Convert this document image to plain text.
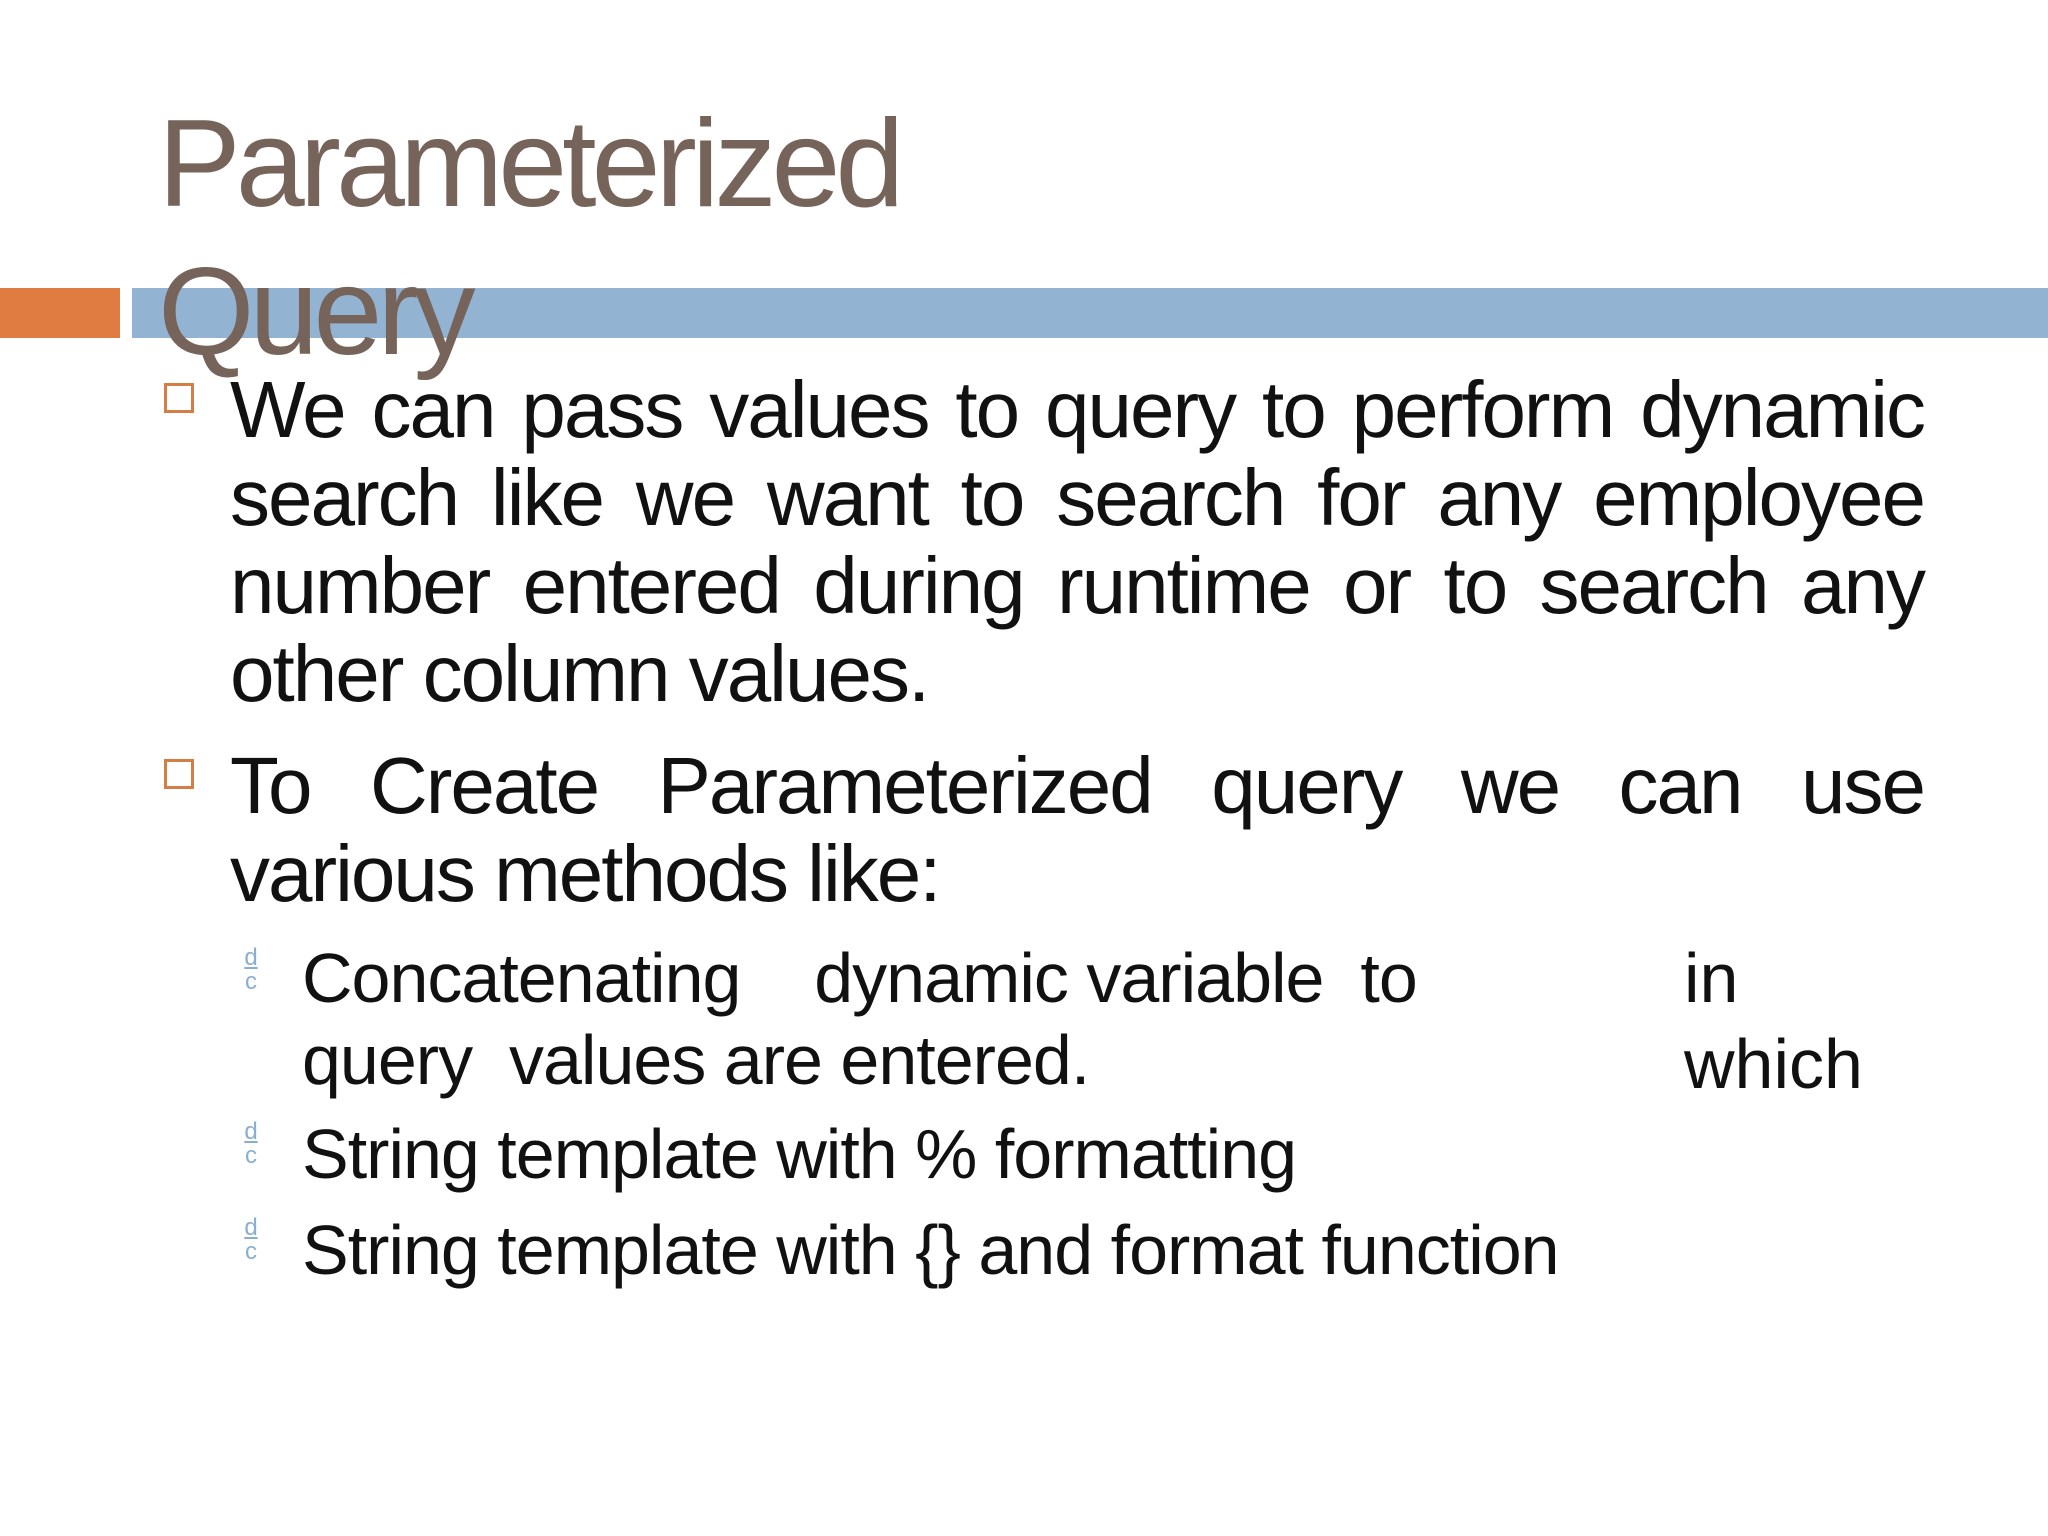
Parameterized
Query

We can pass values to query to perform dynamic search like we want to search for any employee number entered during runtime or to search any other column values.

To Create Parameterized query we can use various methods like:

d
c Concatenating    dynamic variable  to

query  values are entered.

in

which

d
c String template with % formatting

d
c String template with {} and format function
